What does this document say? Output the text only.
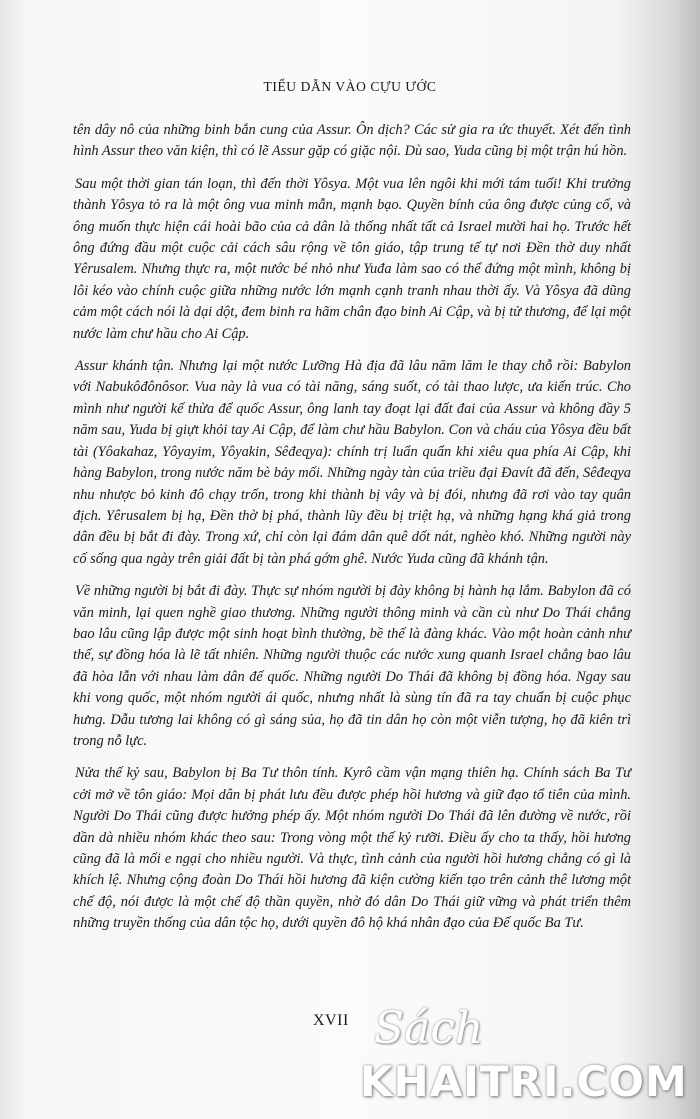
TIỂU DẪN VÀO CỰU ƯỚC

tên dây nô của những binh bắn cung của Assur. Ôn dịch? Các sử gia ra ức thuyết. Xét đến tình hình Assur theo văn kiện, thì có lẽ Assur gặp có giặc nội. Dù sao, Yuda cũng bị một trận hú hồn.

Sau một thời gian tán loạn, thì đến thời Yôsya. Một vua lên ngôi khi mới tám tuổi! Khi trưởng thành Yôsya tỏ ra là một ông vua minh mẫn, mạnh bạo. Quyền bính của ông được củng cố, và ông muốn thực hiện cái hoài bão của cả dân là thống nhất tất cả Israel mười hai họ. Trước hết ông đứng đầu một cuộc cải cách sâu rộng về tôn giáo, tập trung tế tự nơi Đền thờ duy nhất Yêrusalem. Nhưng thực ra, một nước bé nhỏ như Yuđa làm sao có thể đứng một mình, không bị lôi kéo vào chính cuộc giữa những nước lớn mạnh cạnh tranh nhau thời ấy. Và Yôsya đã dũng cảm một cách nói là dại dột, đem binh ra hãm chân đạo binh Ai Cập, và bị tử thương, để lại một nước làm chư hầu cho Ai Cập.

Assur khánh tận. Nhưng lại một nước Lưỡng Hà địa đã lâu năm lăm le thay chỗ rồi: Babylon với Nabukôđônôsor. Vua này là vua có tài năng, sáng suốt, có tài thao lược, ưa kiến trúc. Cho mình như người kế thừa để quốc Assur, ông lanh tay đoạt lại đất đai của Assur và không đầy 5 năm sau, Yuda bị giựt khỏi tay Ai Cập, để làm chư hầu Babylon. Con và cháu của Yôsya đều bất tài (Yôakahaz, Yôyayim, Yôyakin, Sêđeqya): chính trị luẩn quẩn khi xiêu qua phía Ai Cập, khi hàng Babylon, trong nước năm bè bảy mối. Những ngày tàn của triều đại Đavít đã đến, Sêđeqya nhu nhược bỏ kinh đô chạy trốn, trong khi thành bị vây và bị đói, nhưng đã rơi vào tay quân địch. Yêrusalem bị hạ, Đền thờ bị phá, thành lũy đều bị triệt hạ, và những hạng khá giả trong dân đều bị bắt đi đày. Trong xứ, chỉ còn lại đám dân quê dốt nát, nghèo khó. Những người này cố sống qua ngày trên giải đất bị tàn phá gớm ghê. Nước Yuda cũng đã khánh tận.

Về những người bị bắt đi đày. Thực sự nhóm người bị đày không bị hành hạ lắm. Babylon đã có văn minh, lại quen nghề giao thương. Những người thông minh và cần cù như Do Thái chẳng bao lâu cũng lập được một sinh hoạt bình thường, bề thế là đàng khác. Vào một hoàn cảnh như thế, sự đồng hóa là lẽ tất nhiên. Những người thuộc các nước xung quanh Israel chẳng bao lâu đã hòa lẫn với nhau làm dân đế quốc. Những người Do Thái đã không bị đồng hóa. Ngay sau khi vong quốc, một nhóm người ái quốc, nhưng nhất là sùng tín đã ra tay chuẩn bị cuộc phục hưng. Dẫu tương lai không có gì sáng sủa, họ đã tin dân họ còn một viễn tượng, họ đã kiên trì trong nỗ lực.

Nửa thế kỷ sau, Babylon bị Ba Tư thôn tính. Kyrô cầm vận mạng thiên hạ. Chính sách Ba Tư cởi mở về tôn giáo: Mọi dân bị phát lưu đều được phép hồi hương và giữ đạo tổ tiên của mình. Người Do Thái cũng được hưởng phép ấy. Một nhóm người Do Thái đã lên đường về nước, rồi dần dà nhiều nhóm khác theo sau: Trong vòng một thế kỷ rưỡi. Điều ấy cho ta thấy, hồi hương cũng đã là mối e ngại cho nhiều người. Và thực, tình cảnh của người hồi hương chẳng có gì là khích lệ. Nhưng cộng đoàn Do Thái hồi hương đã kiện cường kiến tạo trên cảnh thê lương một chế độ, nói được là một chế độ thần quyền, nhờ đó dân Do Thái giữ vững và phát triển thêm những truyền thống của dân tộc họ, dưới quyền đô hộ khá nhân đạo của Đế quốc Ba Tư.

XVII Sách
KHAITRI.COM
